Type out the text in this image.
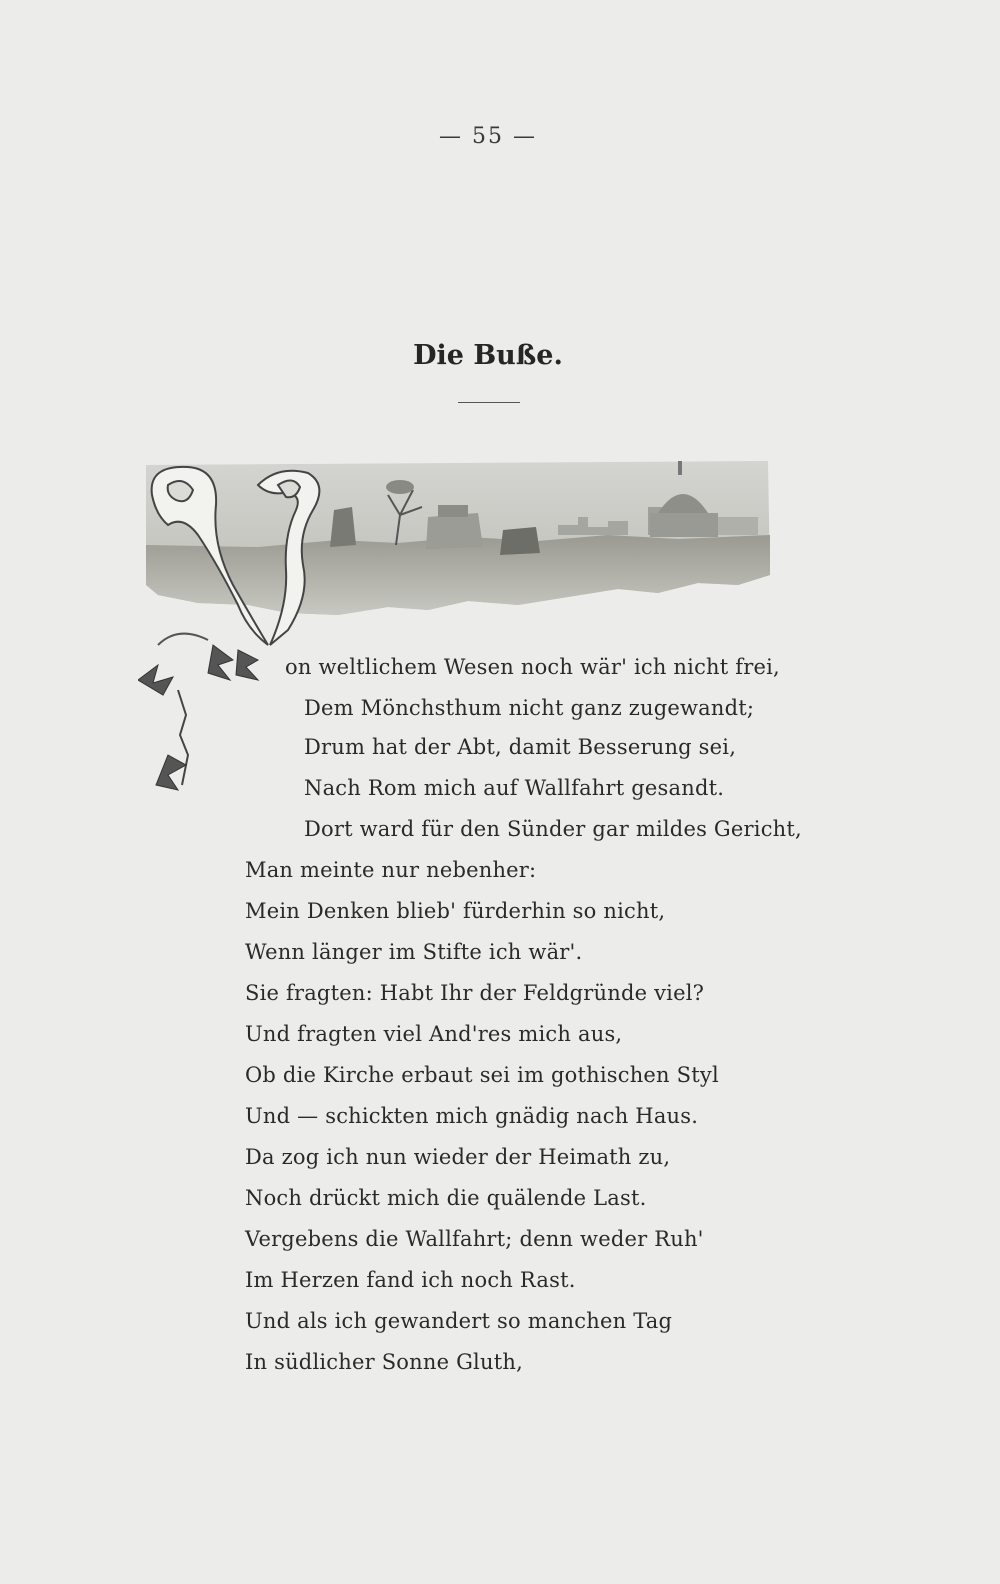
— 55 —
Die Buße.
on weltlichem Wesen noch wär' ich nicht frei,
Dem Mönchsthum nicht ganz zugewandt;
Drum hat der Abt, damit Besserung sei,
Nach Rom mich auf Wallfahrt gesandt.
Dort ward für den Sünder gar mildes Gericht,
Man meinte nur nebenher:
Mein Denken blieb' fürderhin so nicht,
Wenn länger im Stifte ich wär'.
Sie fragten: Habt Ihr der Feldgründe viel?
Und fragten viel And'res mich aus,
Ob die Kirche erbaut sei im gothischen Styl
Und — schickten mich gnädig nach Haus.
Da zog ich nun wieder der Heimath zu,
Noch drückt mich die quälende Last.
Vergebens die Wallfahrt; denn weder Ruh'
Im Herzen fand ich noch Rast.
Und als ich gewandert so manchen Tag
In südlicher Sonne Gluth,
